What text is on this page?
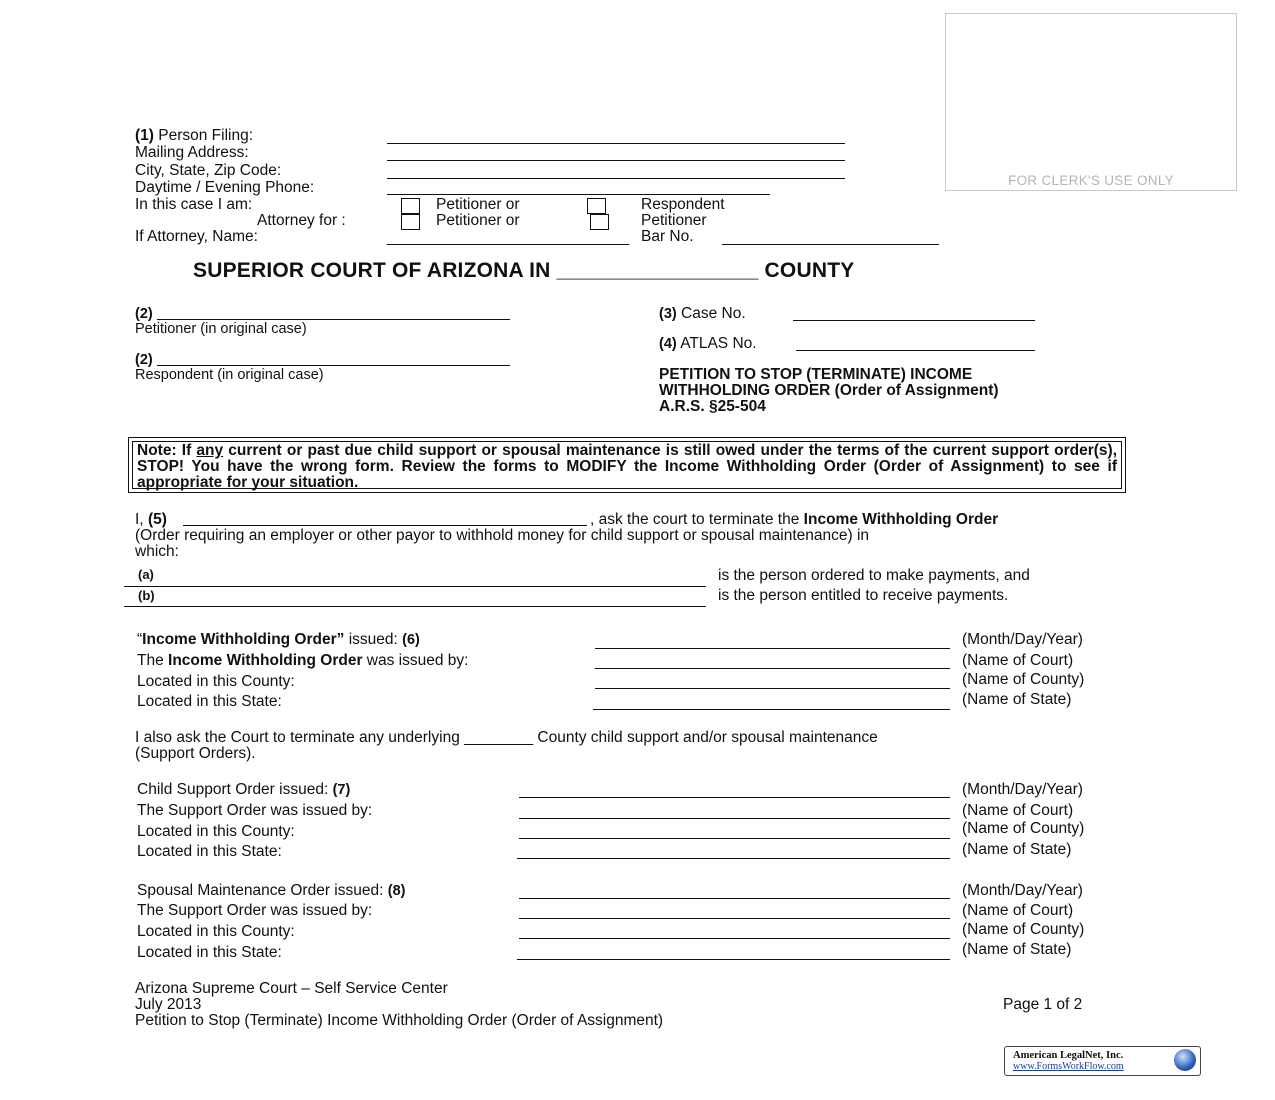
FOR CLERK'S USE ONLY
(1) Person Filing:
Mailing Address:
City, State, Zip Code:
Daytime / Evening Phone:
In this case I am:	Petitioner or	Respondent
Attorney for :	Petitioner or	Petitioner
If Attorney, Name:	Bar No.
SUPERIOR COURT OF ARIZONA IN _________________ COUNTY
(2)
Petitioner (in original case)
(2)
Respondent (in original case)
(3) Case No.
(4) ATLAS No.
PETITION TO STOP (TERMINATE) INCOME
WITHHOLDING ORDER (Order of Assignment)
A.R.S. §25-504
Note: If any current or past due child support or spousal maintenance is still owed under the terms of the current support order(s), STOP! You have the wrong form. Review the forms to MODIFY the Income Withholding Order (Order of Assignment) to see if appropriate for your situation.
I, (5)	, ask the court to terminate the Income Withholding Order
(Order requiring an employer or other payor to withhold money for child support or spousal maintenance) in
which:
(a)	is the person ordered to make payments, and
(b)	is the person entitled to receive payments.
“Income Withholding Order” issued: (6)	(Month/Day/Year)
The Income Withholding Order was issued by:	(Name of Court)
Located in this County:	(Name of County)
Located in this State:	(Name of State)
I also ask the Court to terminate any underlying ________ County child support and/or spousal maintenance
(Support Orders).
Child Support Order issued: (7)	(Month/Day/Year)
The Support Order was issued by:	(Name of Court)
Located in this County:	(Name of County)
Located in this State:	(Name of State)
Spousal Maintenance Order issued: (8)	(Month/Day/Year)
The Support Order was issued by:	(Name of Court)
Located in this County:	(Name of County)
Located in this State:	(Name of State)
Arizona Supreme Court – Self Service Center
July 2013
Petition to Stop (Terminate) Income Withholding Order (Order of Assignment)
Page 1 of 2
American LegalNet, Inc.
www.FormsWorkFlow.com
